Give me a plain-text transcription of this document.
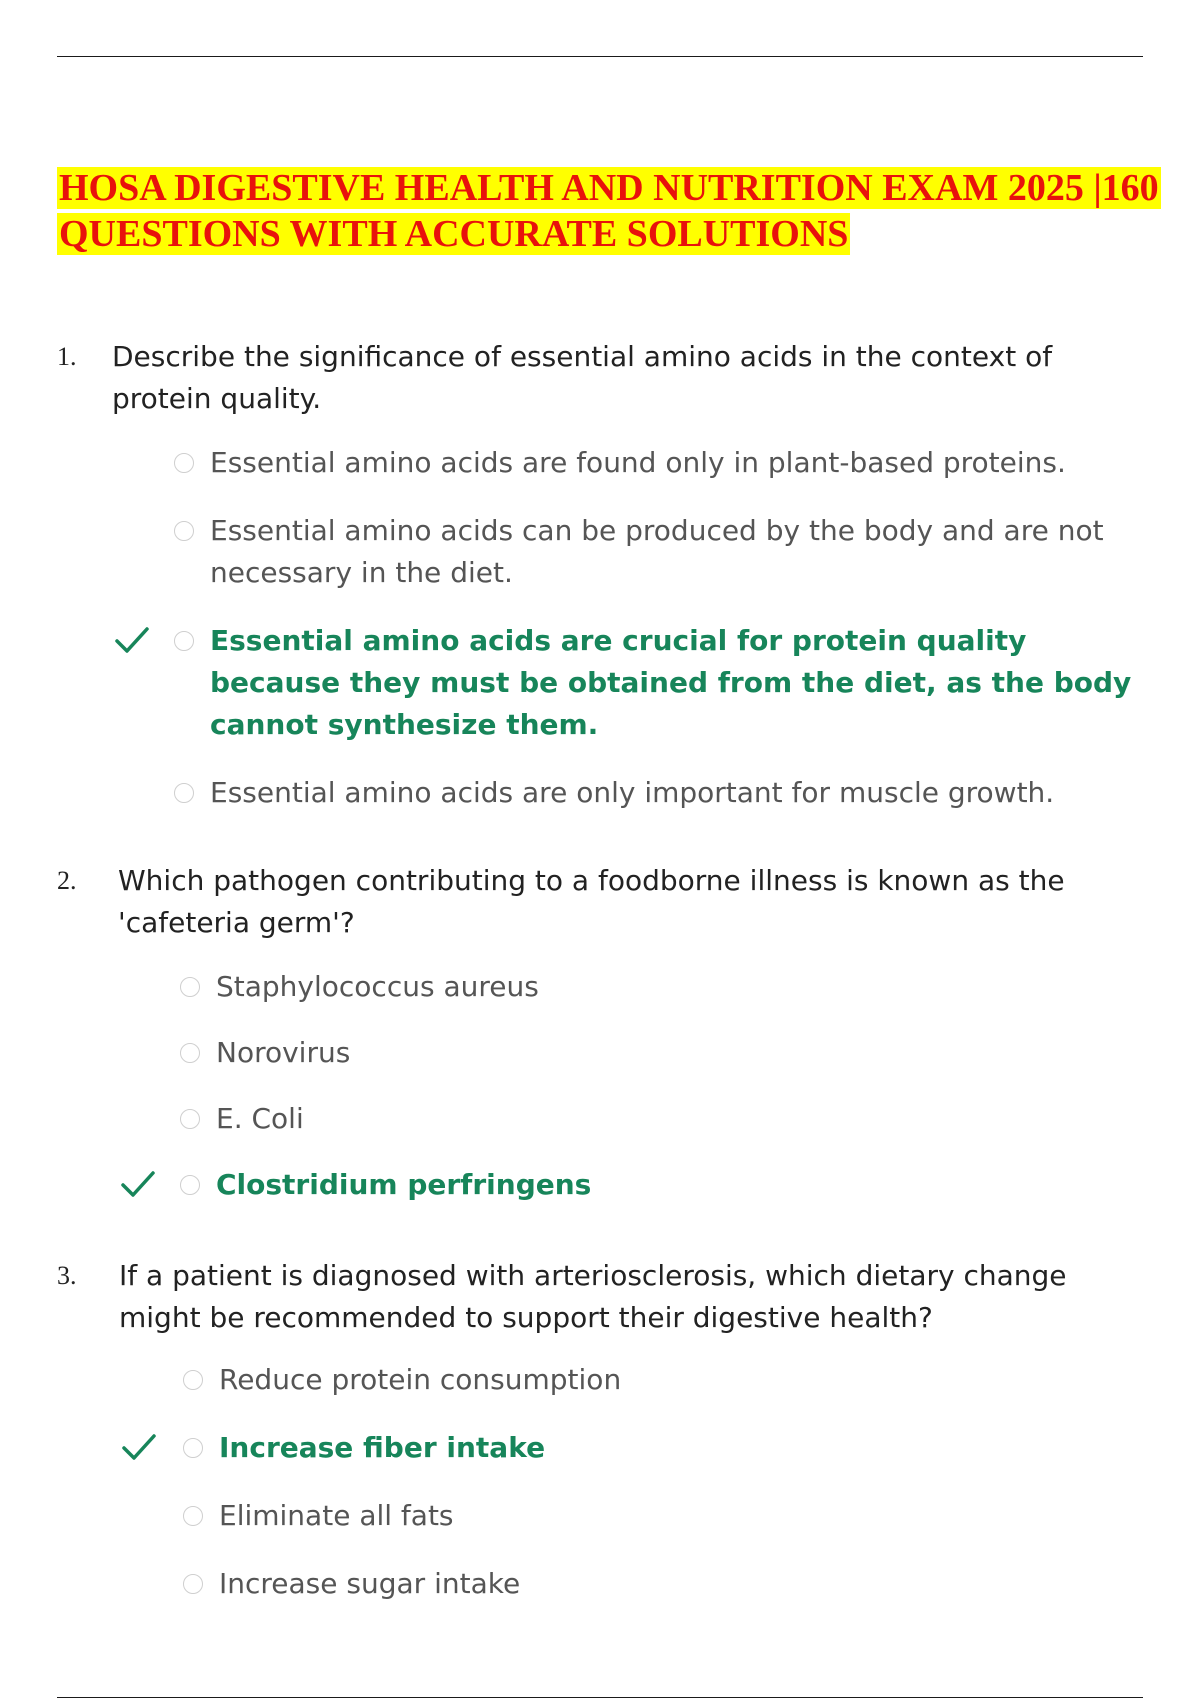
HOSA DIGESTIVE HEALTH AND NUTRITION EXAM 2025 |160 QUESTIONS WITH ACCURATE SOLUTIONS
1. Describe the significance of essential amino acids in the context of protein quality.

Essential amino acids are found only in plant-based proteins.
Essential amino acids can be produced by the body and are not necessary in the diet.
Essential amino acids are crucial for protein quality because they must be obtained from the diet, as the body cannot synthesize them.
Essential amino acids are only important for muscle growth.
2. Which pathogen contributing to a foodborne illness is known as the 'cafeteria germ'?

Staphylococcus aureus
Norovirus
E. Coli
Clostridium perfringens
3. If a patient is diagnosed with arteriosclerosis, which dietary change might be recommended to support their digestive health?

Reduce protein consumption
Increase fiber intake
Eliminate all fats
Increase sugar intake
